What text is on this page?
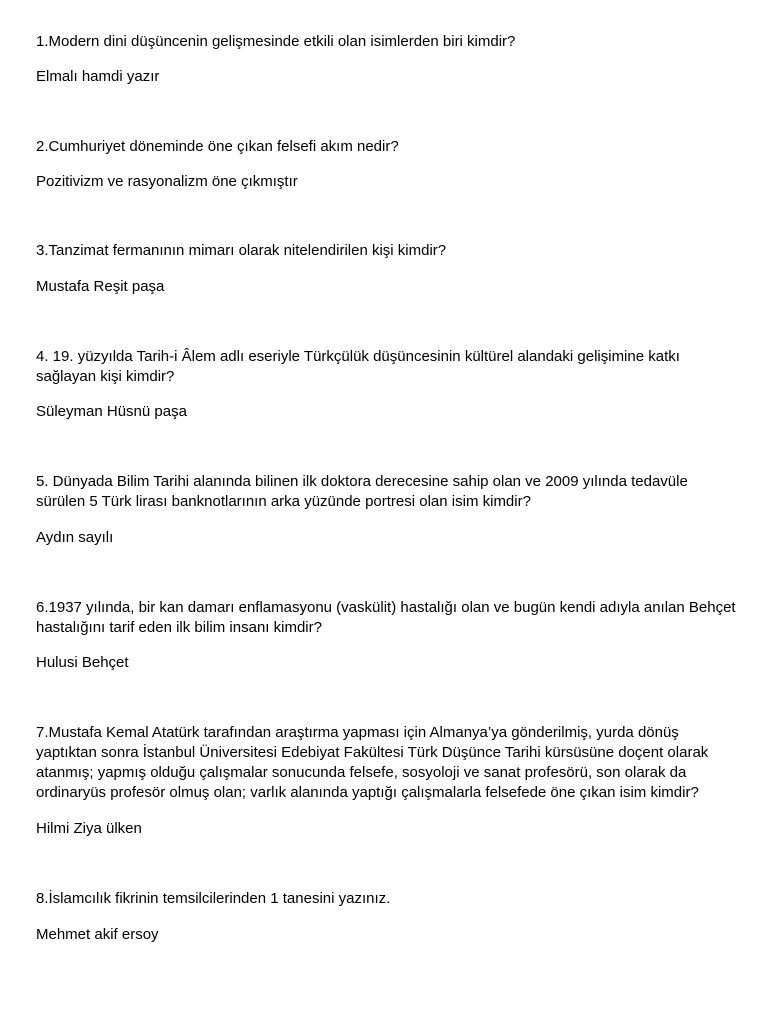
1.Modern dini düşüncenin gelişmesinde etkili olan isimlerden biri kimdir?

Elmalı hamdi yazır

2.Cumhuriyet döneminde öne çıkan felsefi akım nedir?

Pozitivizm ve rasyonalizm öne çıkmıştır

3.Tanzimat fermanının mimarı olarak nitelendirilen kişi kimdir?

Mustafa Reşit paşa

4. 19. yüzyılda Tarih-i Âlem adlı eseriyle Türkçülük düşüncesinin kültürel alandaki gelişimine katkı sağlayan kişi kimdir?

Süleyman Hüsnü paşa

5. Dünyada Bilim Tarihi alanında bilinen ilk doktora derecesine sahip olan ve 2009 yılında tedavüle sürülen 5 Türk lirası banknotlarının arka yüzünde portresi olan isim kimdir?

Aydın sayılı

6.1937 yılında, bir kan damarı enflamasyonu (vaskülit) hastalığı olan ve bugün kendi adıyla anılan Behçet hastalığını tarif eden ilk bilim insanı kimdir?

Hulusi Behçet

7.Mustafa Kemal Atatürk tarafından araştırma yapması için Almanya’ya gönderilmiş, yurda dönüş yaptıktan sonra İstanbul Üniversitesi Edebiyat Fakültesi Türk Düşünce Tarihi kürsüsüne doçent olarak atanmış; yapmış olduğu çalışmalar sonucunda felsefe, sosyoloji ve sanat profesörü, son olarak da ordinaryüs profesör olmuş olan; varlık alanında yaptığı çalışmalarla felsefede öne çıkan isim kimdir?

Hilmi Ziya ülken

8.İslamcılık fikrinin temsilcilerinden 1 tanesini yazınız.

Mehmet akif ersoy
